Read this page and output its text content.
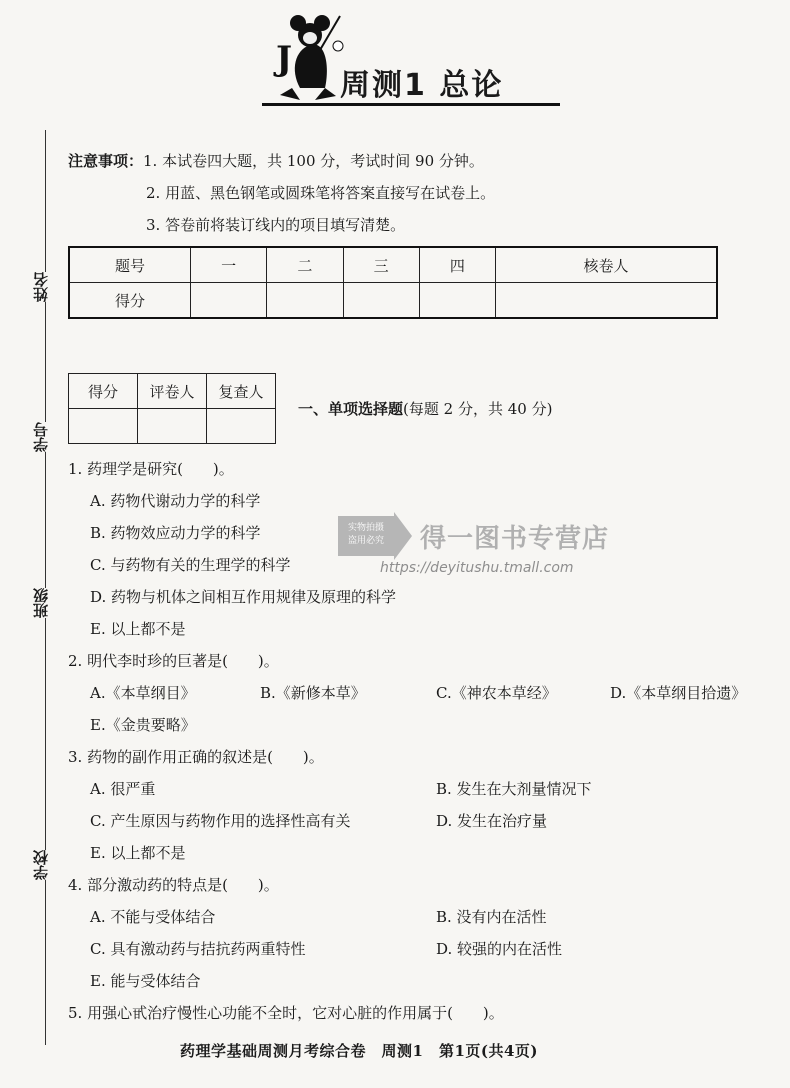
J
周测1 总论
姓名
学号
班级
学校
注意事项：1. 本试卷四大题，共 100 分，考试时间 90 分钟。
2. 用蓝、黑色钢笔或圆珠笔将答案直接写在试卷上。
3. 答卷前将装订线内的项目填写清楚。
题号	一	二	三	四	核卷人
得分					
得分	评卷人	复查人

一、单项选择题(每题 2 分，共 40 分)
1. 药理学是研究(　　)。
A. 药物代谢动力学的科学
B. 药物效应动力学的科学
C. 与药物有关的生理学的科学
D. 药物与机体之间相互作用规律及原理的科学
E. 以上都不是
2. 明代李时珍的巨著是(　　)。
A.《本草纲目》	B.《新修本草》	C.《神农本草经》	D.《本草纲目拾遗》
E.《金贵要略》
3. 药物的副作用正确的叙述是(　　)。
A. 很严重	B. 发生在大剂量情况下
C. 产生原因与药物作用的选择性高有关	D. 发生在治疗量
E. 以上都不是
4. 部分激动药的特点是(　　)。
A. 不能与受体结合	B. 没有内在活性
C. 具有激动药与拮抗药两重特性	D. 较强的内在活性
E. 能与受体结合
5. 用强心甙治疗慢性心功能不全时，它对心脏的作用属于(　　)。
实物拍摄
盗用必究	得一图书专营店
https://deyitushu.tmall.com
药理学基础周测月考综合卷　周测1　第1页(共4页)
